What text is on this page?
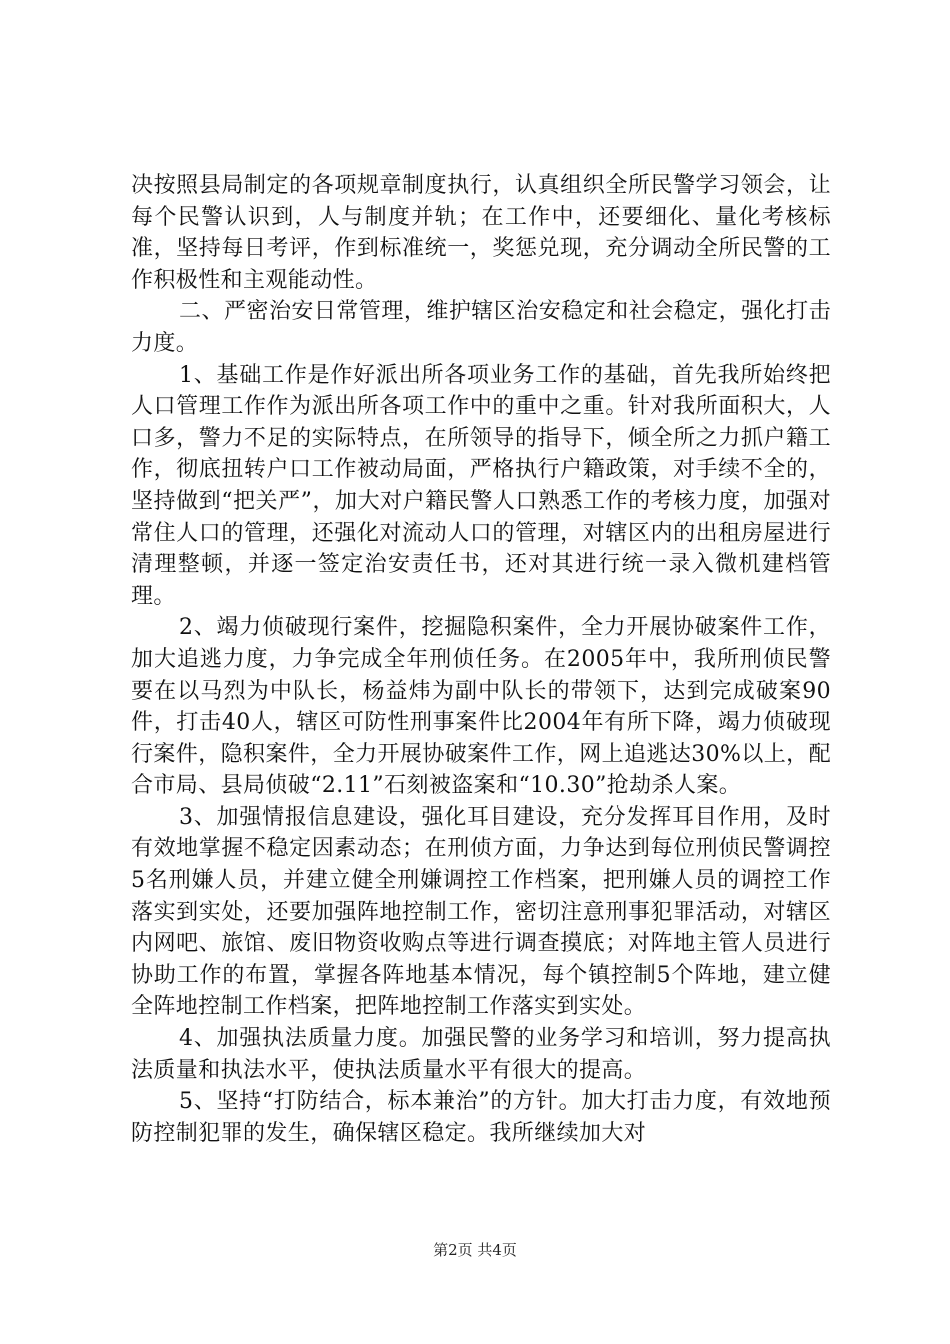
决按照县局制定的各项规章制度执行，认真组织全所民警学习领会，让每个民警认识到，人与制度并轨；在工作中，还要细化、量化考核标准，坚持每日考评，作到标准统一，奖惩兑现，充分调动全所民警的工作积极性和主观能动性。

二、严密治安日常管理，维护辖区治安稳定和社会稳定，强化打击力度。

1、基础工作是作好派出所各项业务工作的基础，首先我所始终把人口管理工作作为派出所各项工作中的重中之重。针对我所面积大，人口多，警力不足的实际特点，在所领导的指导下，倾全所之力抓户籍工作，彻底扭转户口工作被动局面，严格执行户籍政策，对手续不全的，坚持做到“把关严”，加大对户籍民警人口熟悉工作的考核力度，加强对常住人口的管理，还强化对流动人口的管理，对辖区内的出租房屋进行清理整顿，并逐一签定治安责任书，还对其进行统一录入微机建档管理。

2、竭力侦破现行案件，挖掘隐积案件，全力开展协破案件工作，加大追逃力度，力争完成全年刑侦任务。在2005年中，我所刑侦民警要在以马烈为中队长，杨益炜为副中队长的带领下，达到完成破案90件，打击40人，辖区可防性刑事案件比2004年有所下降，竭力侦破现行案件，隐积案件，全力开展协破案件工作，网上追逃达30%以上，配合市局、县局侦破“2.11”石刻被盗案和“10.30”抢劫杀人案。

3、加强情报信息建设，强化耳目建设，充分发挥耳目作用，及时有效地掌握不稳定因素动态；在刑侦方面，力争达到每位刑侦民警调控5名刑嫌人员，并建立健全刑嫌调控工作档案，把刑嫌人员的调控工作落实到实处，还要加强阵地控制工作，密切注意刑事犯罪活动，对辖区内网吧、旅馆、废旧物资收购点等进行调查摸底；对阵地主管人员进行协助工作的布置，掌握各阵地基本情况，每个镇控制5个阵地，建立健全阵地控制工作档案，把阵地控制工作落实到实处。

4、加强执法质量力度。加强民警的业务学习和培训，努力提高执法质量和执法水平，使执法质量水平有很大的提高。

5、坚持“打防结合，标本兼治”的方针。加大打击力度，有效地预防控制犯罪的发生，确保辖区稳定。我所继续加大对

第2页 共4页
